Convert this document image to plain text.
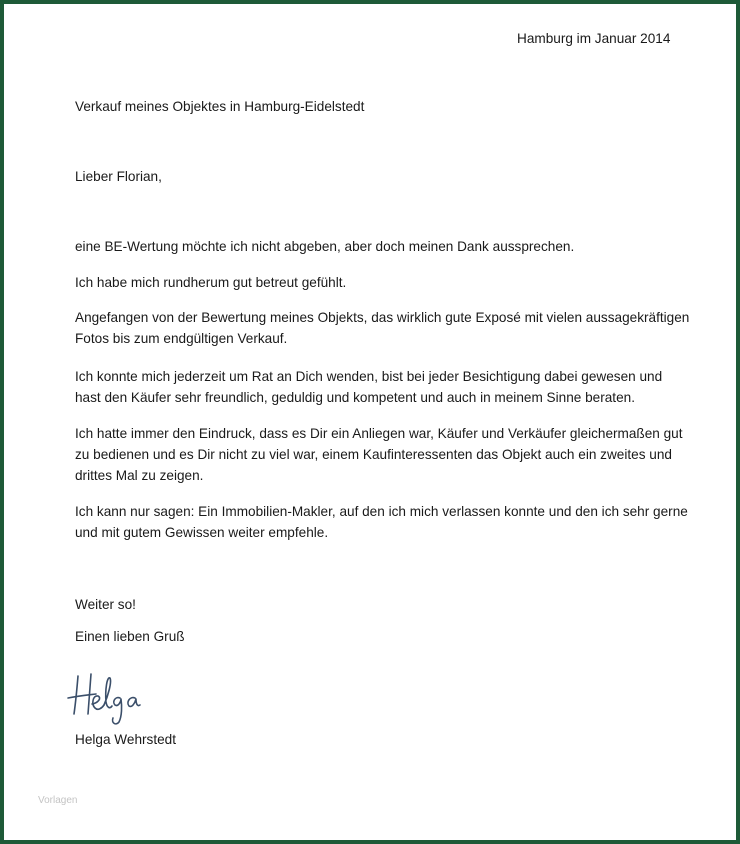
Hamburg im Januar 2014

Verkauf meines Objektes in Hamburg-Eidelstedt

Lieber Florian,

eine BE-Wertung möchte ich nicht abgeben, aber doch meinen Dank aussprechen.
Ich habe mich rundherum gut betreut gefühlt.
Angefangen von der Bewertung meines Objekts, das wirklich gute Exposé mit vielen aussagekräftigen
Fotos bis zum endgültigen Verkauf.
Ich konnte mich jederzeit um Rat an Dich wenden, bist bei jeder Besichtigung dabei gewesen und
hast den Käufer sehr freundlich, geduldig und kompetent und auch in meinem Sinne beraten.
Ich hatte immer den Eindruck, dass es Dir ein Anliegen war, Käufer und Verkäufer gleichermaßen gut
zu bedienen und es Dir nicht zu viel war, einem Kaufinteressenten das Objekt auch ein zweites und
drittes Mal zu zeigen.
Ich kann nur sagen: Ein Immobilien-Makler, auf den ich mich verlassen konnte und den ich sehr gerne
und mit gutem Gewissen weiter empfehle.

Weiter so!

Einen lieben Gruß

Helga Wehrstedt

Vorlagen
